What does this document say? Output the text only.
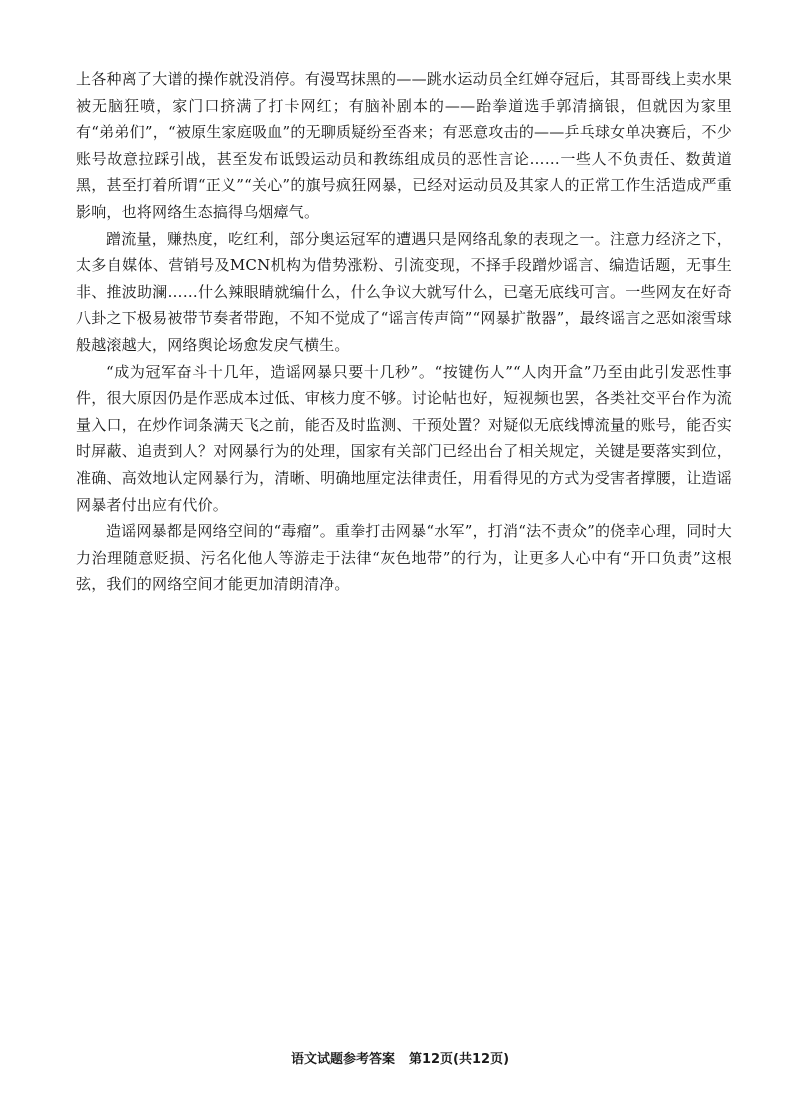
上各种离了大谱的操作就没消停。有漫骂抹黑的——跳水运动员全红婵夺冠后，其哥哥线上卖水果被无脑狂喷，家门口挤满了打卡网红；有脑补剧本的——跆拳道选手郭清摘银，但就因为家里有“弟弟们”，“被原生家庭吸血”的无聊质疑纷至沓来；有恶意攻击的——乒乓球女单决赛后，不少账号故意拉踩引战，甚至发布诋毁运动员和教练组成员的恶性言论……一些人不负责任、数黄道黑，甚至打着所谓“正义”“关心”的旗号疯狂网暴，已经对运动员及其家人的正常工作生活造成严重影响，也将网络生态搞得乌烟瘴气。

蹭流量，赚热度，吃红利，部分奥运冠军的遭遇只是网络乱象的表现之一。注意力经济之下，太多自媒体、营销号及MCN机构为借势涨粉、引流变现，不择手段蹭炒谣言、编造话题，无事生非、推波助澜……什么辣眼睛就编什么，什么争议大就写什么，已毫无底线可言。一些网友在好奇八卦之下极易被带节奏者带跑，不知不觉成了“谣言传声筒”“网暴扩散器”，最终谣言之恶如滚雪球般越滚越大，网络舆论场愈发戾气横生。

“成为冠军奋斗十几年，造谣网暴只要十几秒”。“按键伤人”“人肉开盒”乃至由此引发恶性事件，很大原因仍是作恶成本过低、审核力度不够。讨论帖也好，短视频也罢，各类社交平台作为流量入口，在炒作词条满天飞之前，能否及时监测、干预处置？对疑似无底线博流量的账号，能否实时屏蔽、追责到人？对网暴行为的处理，国家有关部门已经出台了相关规定，关键是要落实到位，准确、高效地认定网暴行为，清晰、明确地厘定法律责任，用看得见的方式为受害者撑腰，让造谣网暴者付出应有代价。

造谣网暴都是网络空间的“毒瘤”。重拳打击网暴“水军”，打消“法不责众”的侥幸心理，同时大力治理随意贬损、污名化他人等游走于法律“灰色地带”的行为，让更多人心中有“开口负责”这根弦，我们的网络空间才能更加清朗清净。

语文试题参考答案 第12页(共12页)
